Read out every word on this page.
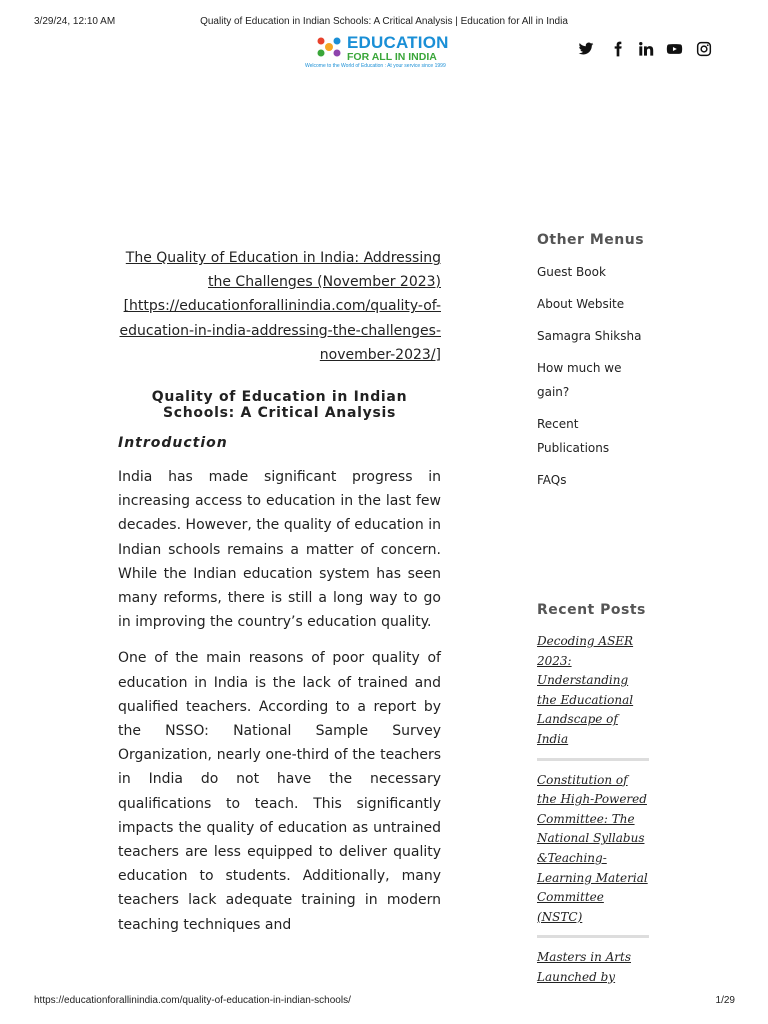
3/29/24, 12:10 AM	Quality of Education in Indian Schools: A Critical Analysis | Education for All in India
EDUCATION
FOR ALL IN INDIA
Welcome to the World of Education : At your service since 1999

The Quality of Education in India: Addressing the Challenges (November 2023) [https://educationforallinindia.com/quality-of-education-in-india-addressing-the-challenges-november-2023/]

Quality of Education in Indian Schools: A Critical Analysis
Introduction

India has made significant progress in increasing access to education in the last few decades. However, the quality of education in Indian schools remains a matter of concern. While the Indian education system has seen many reforms, there is still a long way to go in improving the country’s education quality.

One of the main reasons of poor quality of education in India is the lack of trained and qualified teachers. According to a report by the NSSO: National Sample Survey Organization, nearly one-third of the teachers in India do not have the necessary qualifications to teach. This significantly impacts the quality of education as untrained teachers are less equipped to deliver quality education to students. Additionally, many teachers lack adequate training in modern teaching techniques and

Other Menus
Guest Book
About Website
Samagra Shiksha
How much we gain?
Recent Publications
FAQs
Recent Posts
Decoding ASER 2023: Understanding the Educational Landscape of India
Constitution of the High-Powered Committee: The National Syllabus &Teaching-Learning Material Committee (NSTC)
Masters in Arts Launched by
https://educationforallinindia.com/quality-of-education-in-indian-schools/	1/29
